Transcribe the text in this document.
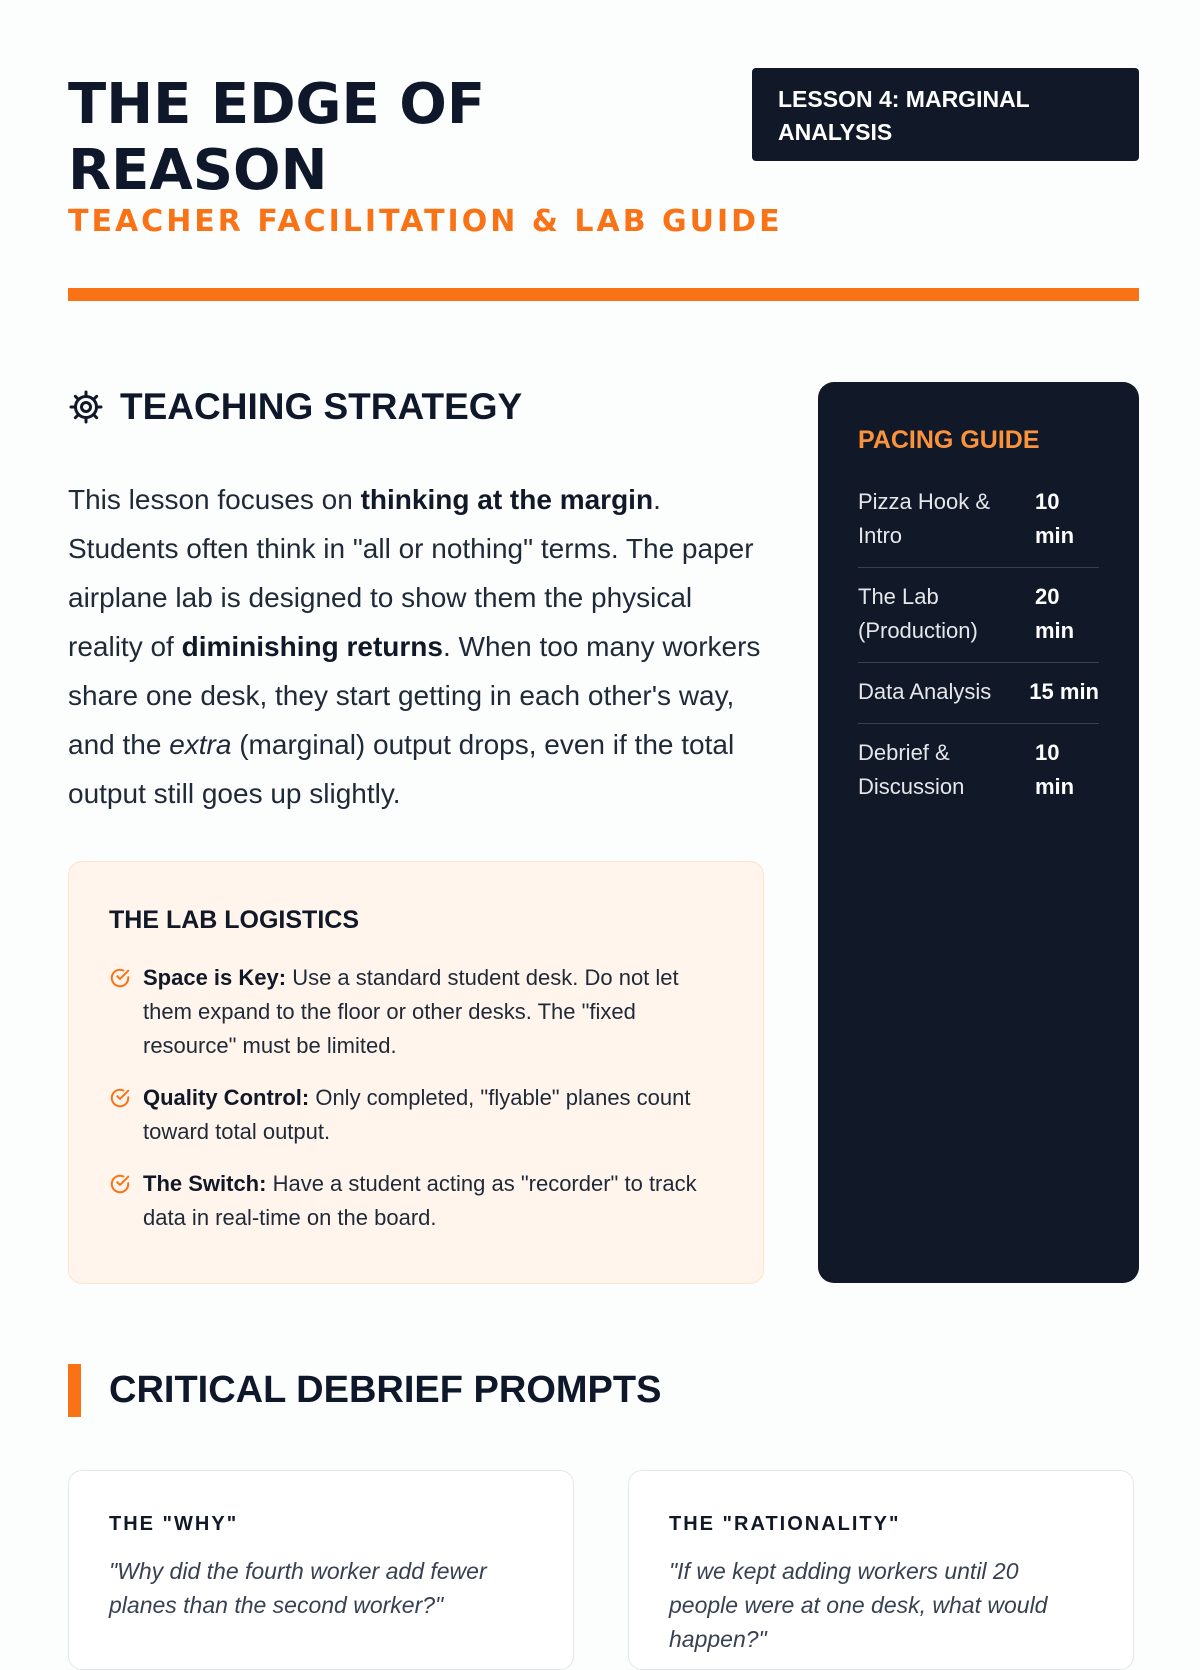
THE EDGE OF REASON
TEACHER FACILITATION & LAB GUIDE
LESSON 4: MARGINAL ANALYSIS
TEACHING STRATEGY

This lesson focuses on thinking at the margin. Students often think in "all or nothing" terms. The paper airplane lab is designed to show them the physical reality of diminishing returns. When too many workers share one desk, they start getting in each other's way, and the extra (marginal) output drops, even if the total output still goes up slightly.

THE LAB LOGISTICS
Space is Key: Use a standard student desk. Do not let them expand to the floor or other desks. The "fixed resource" must be limited.
Quality Control: Only completed, "flyable" planes count toward total output.
The Switch: Have a student acting as "recorder" to track data in real-time on the board.
PACING GUIDE
Pizza Hook & Intro
10 min
The Lab (Production)
20 min
Data Analysis	15 min
Debrief & Discussion
10 min
CRITICAL DEBRIEF PROMPTS
THE "WHY"

"Why did the fourth worker add fewer planes than the second worker?"

THE "RATIONALITY"

"If we kept adding workers until 20 people were at one desk, what would happen?"
